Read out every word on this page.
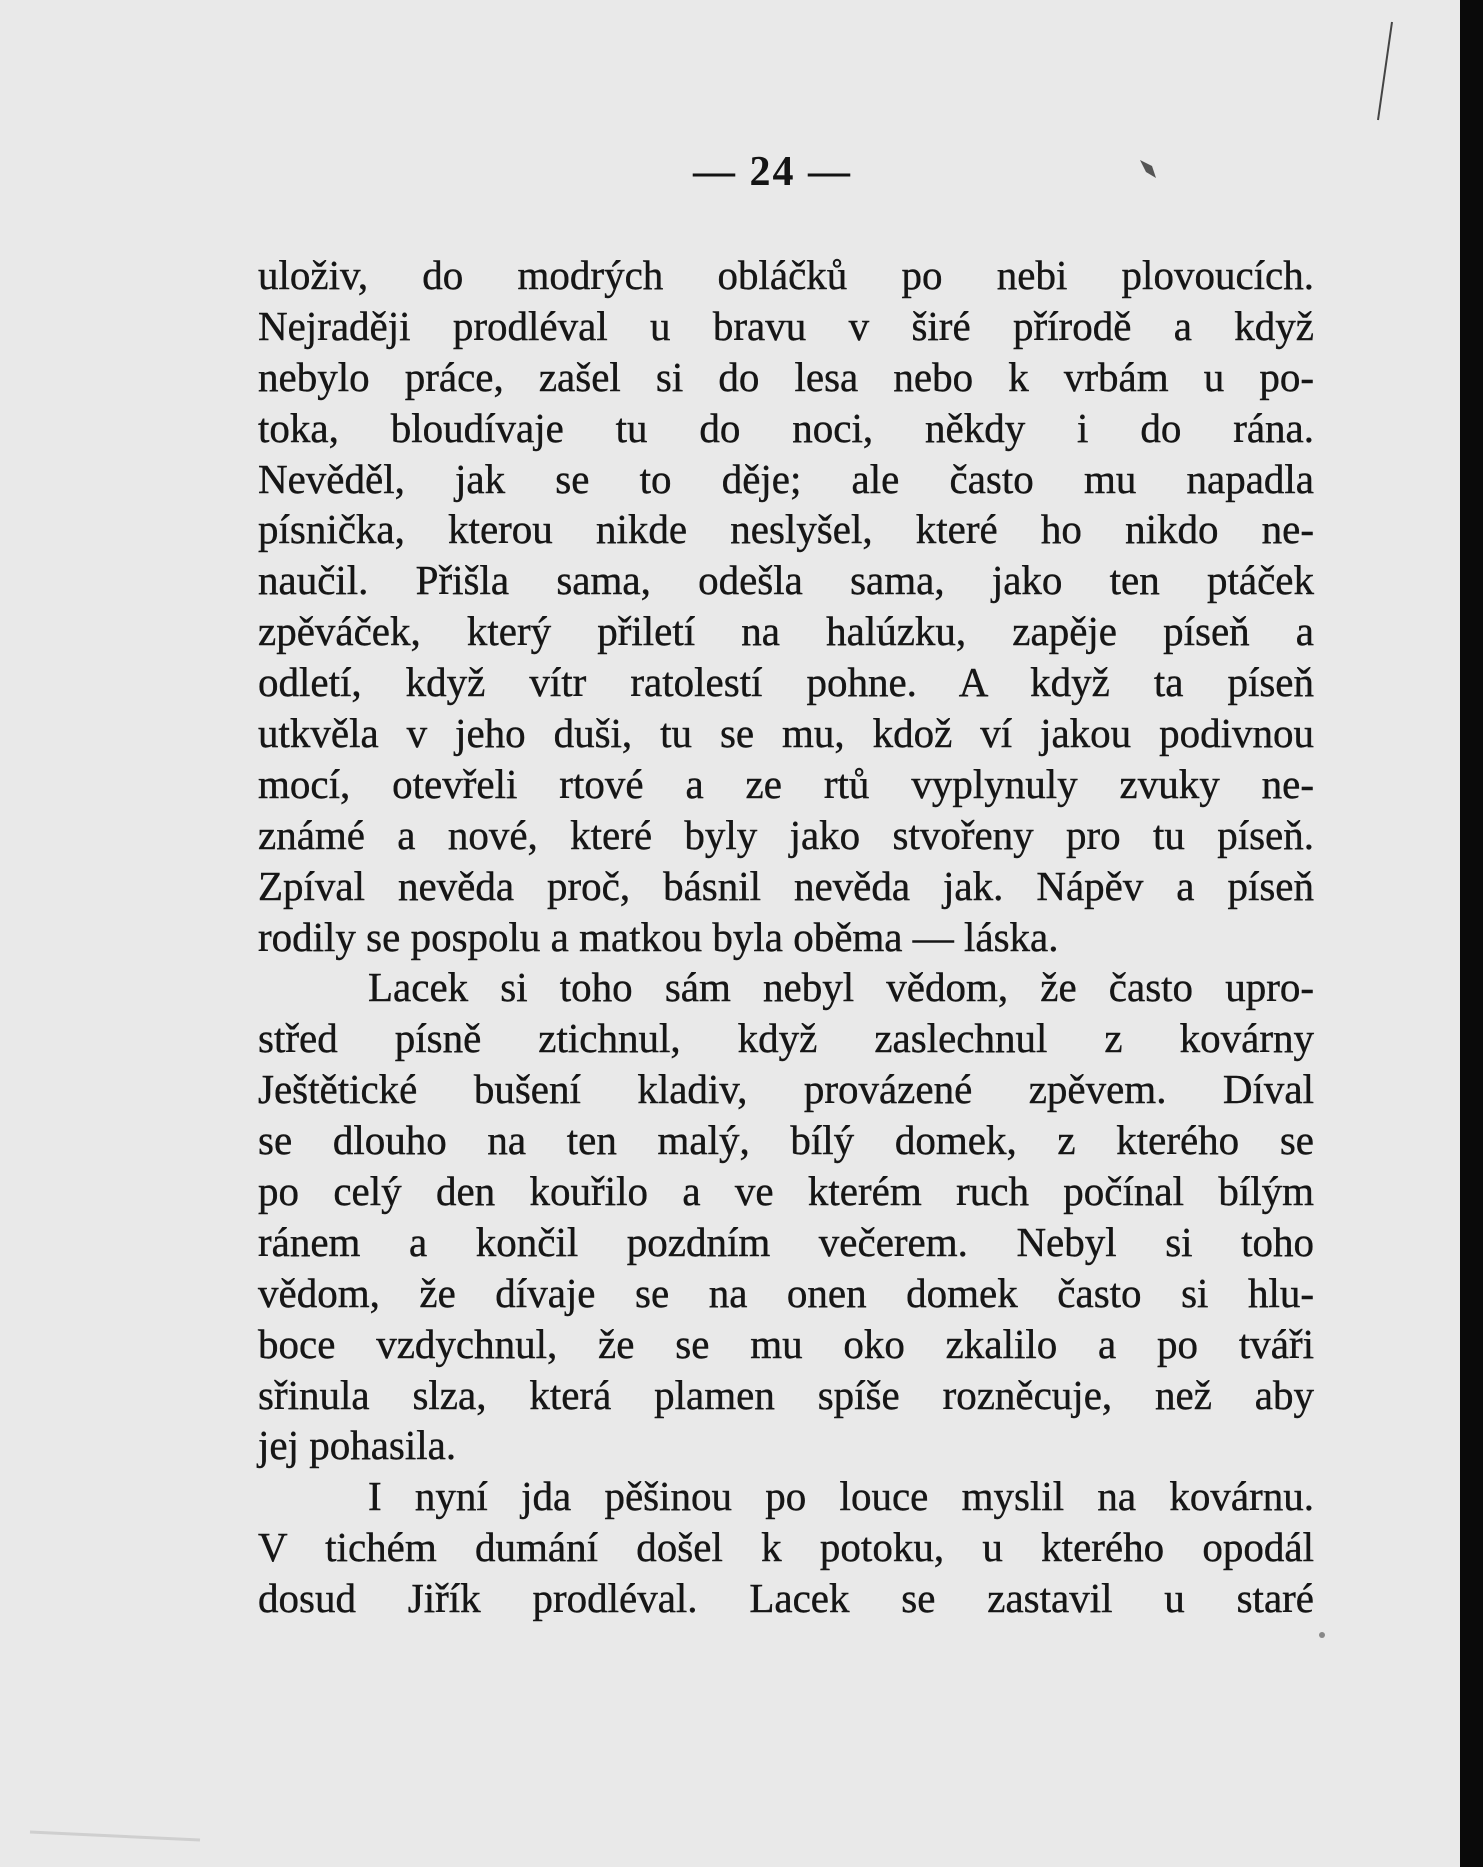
— 24 —
uloživ, do modrých obláčků po nebi plovoucích.
Nejraději prodléval u bravu v širé přírodě a když
nebylo práce, zašel si do lesa nebo k vrbám u po-
toka, bloudívaje tu do noci, někdy i do rána.
Nevěděl, jak se to děje; ale často mu napadla
písnička, kterou nikde neslyšel, které ho nikdo ne-
naučil. Přišla sama, odešla sama, jako ten ptáček
zpěváček, který přiletí na halúzku, zapěje píseň a
odletí, když vítr ratolestí pohne. A když ta píseň
utkvěla v jeho duši, tu se mu, kdož ví jakou podivnou
mocí, otevřeli rtové a ze rtů vyplynuly zvuky ne-
známé a nové, které byly jako stvořeny pro tu píseň.
Zpíval nevěda proč, básnil nevěda jak. Nápěv a píseň
rodily se pospolu a matkou byla oběma — láska.
Lacek si toho sám nebyl vědom, že často upro-
střed písně ztichnul, když zaslechnul z kovárny
Ještětické bušení kladiv, provázené zpěvem. Díval
se dlouho na ten malý, bílý domek, z kterého se
po celý den kouřilo a ve kterém ruch počínal bílým
ránem a končil pozdním večerem. Nebyl si toho
vědom, že dívaje se na onen domek často si hlu-
boce vzdychnul, že se mu oko zkalilo a po tváři
sřinula slza, která plamen spíše rozněcuje, než aby
jej pohasila.
I nyní jda pěšinou po louce myslil na kovárnu.
V tichém dumání došel k potoku, u kterého opodál
dosud Jiřík prodléval. Lacek se zastavil u staré
